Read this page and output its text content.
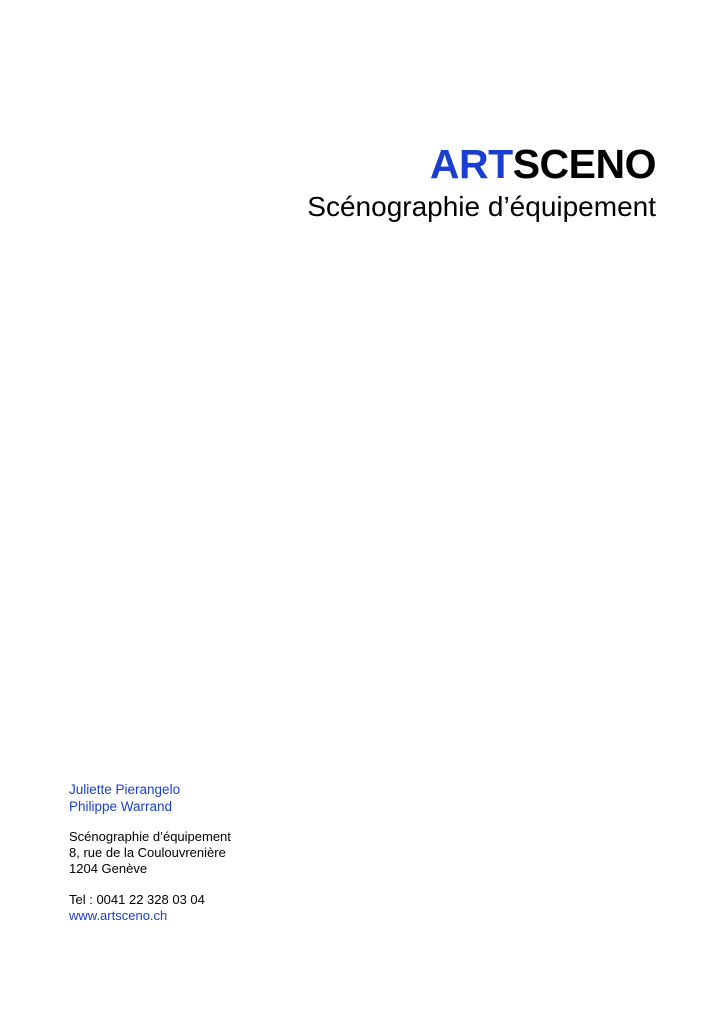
ARTSCENO
Scénographie d’équipement
Juliette Pierangelo
Philippe Warrand
Scénographie d’équipement
8, rue de la Coulouvrenière
1204 Genève
Tel : 0041 22 328 03 04
www.artsceno.ch
